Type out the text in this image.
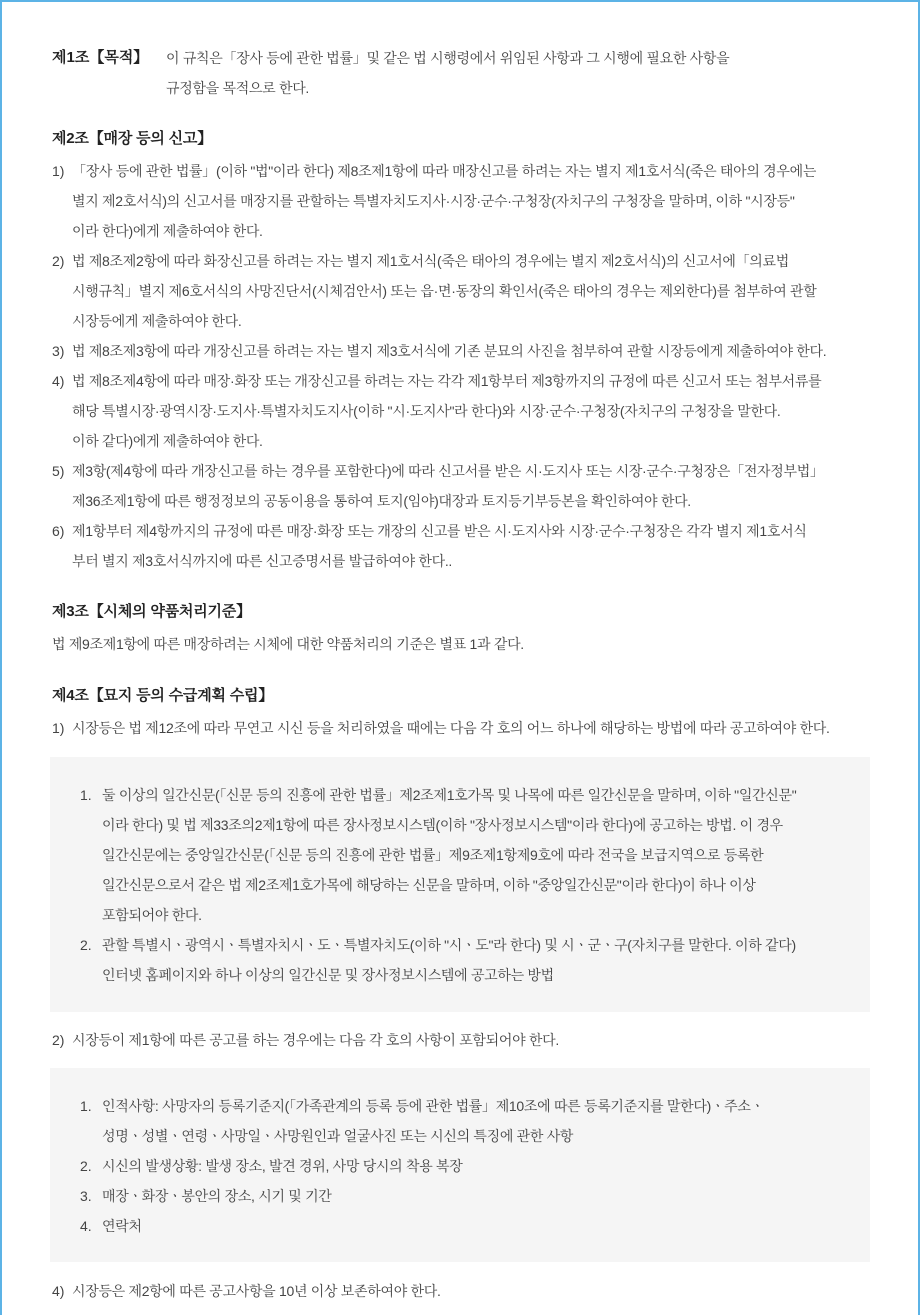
제1조【목적】	이 규칙은「장사 등에 관한 법률」및 같은 법 시행령에서 위임된 사항과 그 시행에 필요한 사항을
규정함을 목적으로 한다.
제2조【매장 등의 신고】
1) 「장사 등에 관한 법률」(이하 "법"이라 한다) 제8조제1항에 따라 매장신고를 하려는 자는 별지 제1호서식(죽은 태아의 경우에는
별지 제2호서식)의 신고서를 매장지를 관할하는 특별자치도지사·시장·군수·구청장(자치구의 구청장을 말하며, 이하 "시장등"
이라 한다)에게 제출하여야 한다.
2) 법 제8조제2항에 따라 화장신고를 하려는 자는 별지 제1호서식(죽은 태아의 경우에는 별지 제2호서식)의 신고서에「의료법
시행규칙」별지 제6호서식의 사망진단서(시체검안서) 또는 읍·면·동장의 확인서(죽은 태아의 경우는 제외한다)를 첨부하여 관할
시장등에게 제출하여야 한다.
3) 법 제8조제3항에 따라 개장신고를 하려는 자는 별지 제3호서식에 기존 분묘의 사진을 첨부하여 관할 시장등에게 제출하여야 한다.
4) 법 제8조제4항에 따라 매장·화장 또는 개장신고를 하려는 자는 각각 제1항부터 제3항까지의 규정에 따른 신고서 또는 첨부서류를
해당 특별시장·광역시장·도지사·특별자치도지사(이하 "시·도지사"라 한다)와 시장·군수·구청장(자치구의 구청장을 말한다.
이하 같다)에게 제출하여야 한다.
5) 제3항(제4항에 따라 개장신고를 하는 경우를 포함한다)에 따라 신고서를 받은 시·도지사 또는 시장·군수·구청장은「전자정부법」
제36조제1항에 따른 행정정보의 공동이용을 통하여 토지(임야)대장과 토지등기부등본을 확인하여야 한다.
6) 제1항부터 제4항까지의 규정에 따른 매장·화장 또는 개장의 신고를 받은 시·도지사와 시장·군수·구청장은 각각 별지 제1호서식
부터 별지 제3호서식까지에 따른 신고증명서를 발급하여야 한다..
제3조【시체의 약품처리기준】
법 제9조제1항에 따른 매장하려는 시체에 대한 약품처리의 기준은 별표 1과 같다.
제4조【묘지 등의 수급계획 수립】
1) 시장등은 법 제12조에 따라 무연고 시신 등을 처리하였을 때에는 다음 각 호의 어느 하나에 해당하는 방법에 따라 공고하여야 한다.
1. 둘 이상의 일간신문(「신문 등의 진흥에 관한 법률」제2조제1호가목 및 나목에 따른 일간신문을 말하며, 이하 "일간신문"
이라 한다) 및 법 제33조의2제1항에 따른 장사정보시스템(이하 "장사정보시스템"이라 한다)에 공고하는 방법. 이 경우
일간신문에는 중앙일간신문(「신문 등의 진흥에 관한 법률」제9조제1항제9호에 따라 전국을 보급지역으로 등록한
일간신문으로서 같은 법 제2조제1호가목에 해당하는 신문을 말하며, 이하 "중앙일간신문"이라 한다)이 하나 이상
포함되어야 한다.
2. 관할 특별시ㆍ광역시ㆍ특별자치시ㆍ도ㆍ특별자치도(이하 "시ㆍ도"라 한다) 및 시ㆍ군ㆍ구(자치구를 말한다. 이하 같다)
인터넷 홈페이지와 하나 이상의 일간신문 및 장사정보시스템에 공고하는 방법
2) 시장등이 제1항에 따른 공고를 하는 경우에는 다음 각 호의 사항이 포함되어야 한다.
1. 인적사항: 사망자의 등록기준지(「가족관계의 등록 등에 관한 법률」제10조에 따른 등록기준지를 말한다)ㆍ주소ㆍ
성명ㆍ성별ㆍ연령ㆍ사망일ㆍ사망원인과 얼굴사진 또는 시신의 특징에 관한 사항
2. 시신의 발생상황: 발생 장소, 발견 경위, 사망 당시의 착용 복장
3. 매장ㆍ화장ㆍ봉안의 장소, 시기 및 기간
4. 연락처
4) 시장등은 제2항에 따른 공고사항을 10년 이상 보존하여야 한다.
